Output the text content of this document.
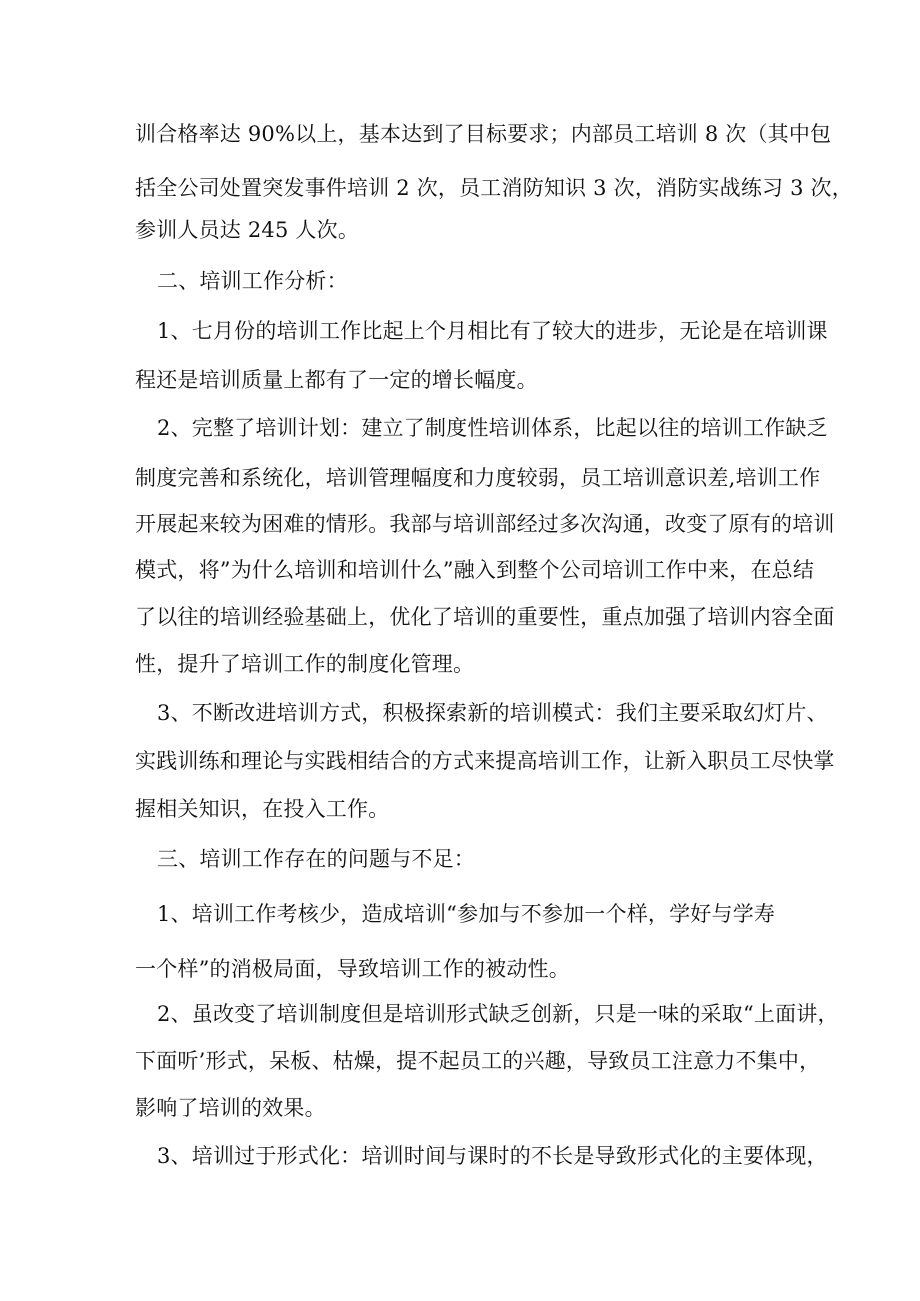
训合格率达 90%以上，基本达到了目标要求；内部员工培训 8 次（其中包
括全公司处置突发事件培训 2 次，员工消防知识 3 次，消防实战练习 3 次，
参训人员达 245 人次。
二、培训工作分析：
1、七月份的培训工作比起上个月相比有了较大的进步，无论是在培训课
程还是培训质量上都有了一定的增长幅度。
2、完整了培训计划：建立了制度性培训体系，比起以往的培训工作缺乏
制度完善和系统化，培训管理幅度和力度较弱，员工培训意识差,培训工作
开展起来较为困难的情形。我部与培训部经过多次沟通，改变了原有的培训
模式，将”为什么培训和培训什么”融入到整个公司培训工作中来，在总结
了以往的培训经验基础上，优化了培训的重要性，重点加强了培训内容全面
性，提升了培训工作的制度化管理。
3、不断改进培训方式，积极探索新的培训模式：我们主要采取幻灯片、
实践训练和理论与实践相结合的方式来提高培训工作，让新入职员工尽快掌
握相关知识，在投入工作。
三、培训工作存在的问题与不足：
1、培训工作考核少，造成培训“参加与不参加一个样，学好与学寿
一个样”的消极局面，导致培训工作的被动性。
2、虽改变了培训制度但是培训形式缺乏创新，只是一味的采取“上面讲，
下面听’形式，呆板、枯燥，提不起员工的兴趣，导致员工注意力不集中，
影响了培训的效果。
3、培训过于形式化：培训时间与课时的不长是导致形式化的主要体现，
